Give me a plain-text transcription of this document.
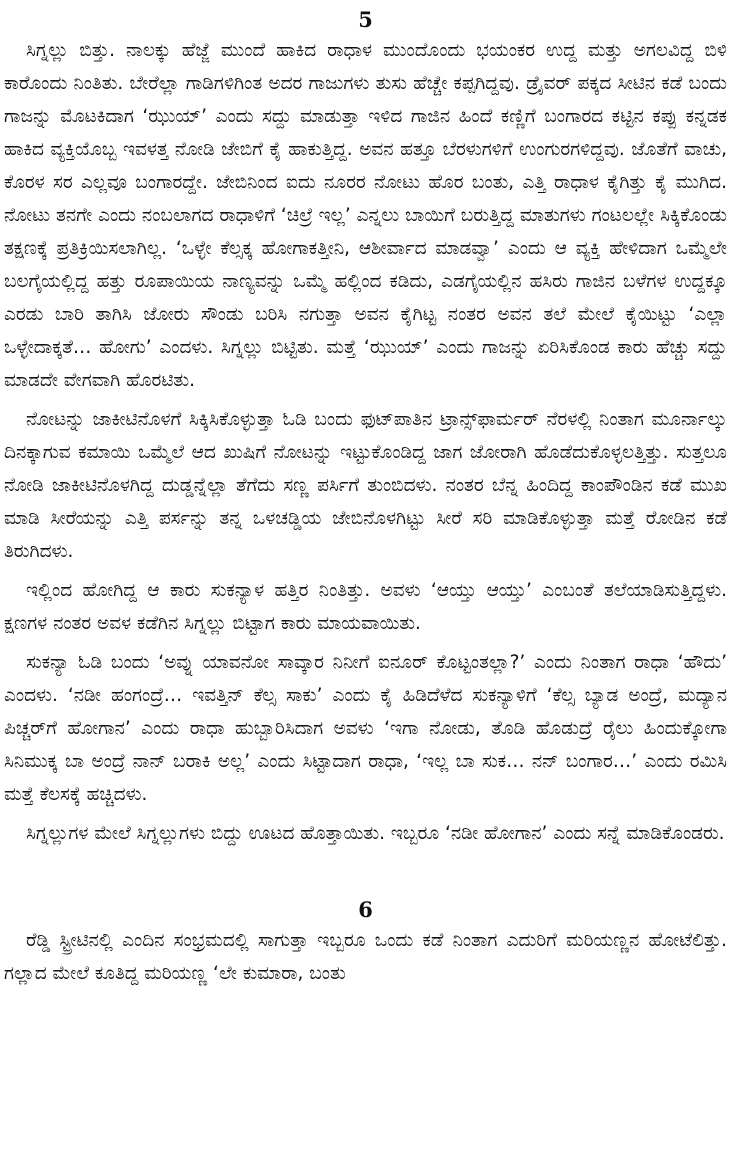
5

ಸಿಗ್ನಲ್ಲು ಬಿತ್ತು. ನಾಲಕ್ಕು ಹೆಜ್ಜೆ ಮುಂದೆ ಹಾಕಿದ ರಾಧಾಳ ಮುಂದೊಂದು ಭಯಂಕರ ಉದ್ದ ಮತ್ತು ಅಗಲವಿದ್ದ ಬಿಳಿ ಕಾರೊಂದು ನಿಂತಿತು. ಬೇರೆಲ್ಲಾ ಗಾಡಿಗಳಿಗಿಂತ ಅದರ ಗಾಜುಗಳು ತುಸು ಹೆಚ್ಚೇ ಕಪ್ಪಗಿದ್ದವು. ಡ್ರೈವರ್ ಪಕ್ಕದ ಸೀಟಿನ ಕಡೆ ಬಂದು ಗಾಜನ್ನು ಮೊಟಕಿದಾಗ ‘ಝುಯ್’ ಎಂದು ಸದ್ದು ಮಾಡುತ್ತಾ ಇಳಿದ ಗಾಜಿನ ಹಿಂದೆ ಕಣ್ಣಿಗೆ ಬಂಗಾರದ ಕಟ್ಟಿನ ಕಪ್ಪು ಕನ್ನಡಕ ಹಾಕಿದ ವ್ಯಕ್ತಿಯೊಬ್ಬ ಇವಳತ್ತ ನೋಡಿ ಜೇಬಿಗೆ ಕೈ ಹಾಕುತ್ತಿದ್ದ. ಅವನ ಹತ್ತೂ ಬೆರಳುಗಳಿಗೆ ಉಂಗುರಗಳಿದ್ದವು. ಜೊತೆಗೆ ವಾಚು, ಕೊರಳ ಸರ ಎಲ್ಲವೂ ಬಂಗಾರದ್ದೇ. ಜೇಬಿನಿಂದ ಐದು ನೂರರ ನೋಟು ಹೊರ ಬಂತು, ಎತ್ತಿ ರಾಧಾಳ ಕೈಗಿತ್ತು ಕೈ ಮುಗಿದ. ನೋಟು ತನಗೇ ಎಂದು ನಂಬಲಾಗದ ರಾಧಾಳಿಗೆ ‘ಚಿಲ್ರೆ ಇಲ್ಲ’ ಎನ್ನಲು ಬಾಯಿಗೆ ಬರುತ್ತಿದ್ದ ಮಾತುಗಳು ಗಂಟಲಲ್ಲೇ ಸಿಕ್ಕಿಕೊಂಡು ತಕ್ಷಣಕ್ಕೆ ಪ್ರತಿಕ್ರಿಯಿಸಲಾಗಿಲ್ಲ. ‘ಒಳ್ಳೇ ಕೆಲ್ಸಕ್ಕ ಹೋಗಾಕತ್ತೀನಿ, ಆಶೀರ್ವಾದ ಮಾಡವ್ವಾ’ ಎಂದು ಆ ವ್ಯಕ್ತಿ ಹೇಳಿದಾಗ ಒಮ್ಮೆಲೇ ಬಲಗೈಯಲ್ಲಿದ್ದ ಹತ್ತು ರೂಪಾಯಿಯ ನಾಣ್ಯವನ್ನು ಒಮ್ಮೆ ಹಲ್ಲಿಂದ ಕಡಿದು, ಎಡಗೈಯಲ್ಲಿನ ಹಸಿರು ಗಾಜಿನ ಬಳೆಗಳ ಉದ್ದಕ್ಕೂ ಎರಡು ಬಾರಿ ತಾಗಿಸಿ ಜೋರು ಸೌಂಡು ಬರಿಸಿ ನಗುತ್ತಾ ಅವನ ಕೈಗಿಟ್ಟ ನಂತರ ಅವನ ತಲೆ ಮೇಲೆ ಕೈಯಿಟ್ಟು ‘ಎಲ್ಲಾ ಒಳ್ಳೇದಾಕ್ಕತೆ… ಹೋಗು’ ಎಂದಳು. ಸಿಗ್ನಲ್ಲು ಬಿಟ್ಟಿತು. ಮತ್ತೆ ‘ಝುಯ್’ ಎಂದು ಗಾಜನ್ನು ಏರಿಸಿಕೊಂಡ ಕಾರು ಹೆಚ್ಚು ಸದ್ದು ಮಾಡದೇ ವೇಗವಾಗಿ ಹೊರಟಿತು.

ನೋಟನ್ನು ಜಾಕೀಟಿನೊಳಗೆ ಸಿಕ್ಕಿಸಿಕೊಳ್ಳುತ್ತಾ ಓಡಿ ಬಂದು ಫುಟ್‌ಪಾತಿನ ಟ್ರಾನ್ಸ್‌ಫಾರ್ಮರ್ ನೆರಳಲ್ಲಿ ನಿಂತಾಗ ಮೂರ್ನಾಲ್ಕು ದಿನಕ್ಕಾಗುವ ಕಮಾಯಿ ಒಮ್ಮೆಲೆ ಆದ ಖುಷಿಗೆ ನೋಟನ್ನು ಇಟ್ಟುಕೊಂಡಿದ್ದ ಜಾಗ ಜೋರಾಗಿ ಹೊಡೆದುಕೊಳ್ಳಲತ್ತಿತ್ತು. ಸುತ್ತಲೂ ನೋಡಿ ಜಾಕೀಟಿನೊಳಗಿದ್ದ ದುಡ್ಡನ್ನೆಲ್ಲಾ ತೆಗೆದು ಸಣ್ಣ ಪರ್ಸಿಗೆ ತುಂಬಿದಳು. ನಂತರ ಬೆನ್ನ ಹಿಂದಿದ್ದ ಕಾಂಪೌಂಡಿನ ಕಡೆ ಮುಖ ಮಾಡಿ ಸೀರೆಯನ್ನು ಎತ್ತಿ ಪರ್ಸನ್ನು ತನ್ನ ಒಳಚಡ್ಡಿಯ ಜೇಬಿನೊಳಗಿಟ್ಟು ಸೀರೆ ಸರಿ ಮಾಡಿಕೊಳ್ಳುತ್ತಾ ಮತ್ತೆ ರೋಡಿನ ಕಡೆ ತಿರುಗಿದಳು.

ಇಲ್ಲಿಂದ ಹೋಗಿದ್ದ ಆ ಕಾರು ಸುಕನ್ಯಾಳ ಹತ್ತಿರ ನಿಂತಿತ್ತು. ಅವಳು ‘ಆಯ್ತು ಆಯ್ತು’ ಎಂಬಂತೆ ತಲೆಯಾಡಿಸುತ್ತಿದ್ದಳು. ಕ್ಷಣಗಳ ನಂತರ ಅವಳ ಕಡೆಗಿನ ಸಿಗ್ನಲ್ಲು ಬಿಟ್ಟಾಗ ಕಾರು ಮಾಯವಾಯಿತು.

ಸುಕನ್ಯಾ ಓಡಿ ಬಂದು ‘ಅವ್ನು ಯಾವನೋ ಸಾವ್ಕಾರ ನಿನೀಗೆ ಐನೂರ್ ಕೊಟ್ಟಂತಲ್ಲಾ?’ ಎಂದು ನಿಂತಾಗ ರಾಧಾ ‘ಹೌದು’ ಎಂದಳು. ‘ನಡೀ ಹಂಗಂದ್ರೆ… ಇವತ್ತಿನ್ ಕೆಲ್ಸ ಸಾಕು’ ಎಂದು ಕೈ ಹಿಡಿದೆಳೆದ ಸುಕನ್ಯಾಳಿಗೆ ‘ಕೆಲ್ಸ ಬ್ಯಾಡ ಅಂದ್ರೆ, ಮದ್ಯಾನ ಪಿಚ್ಚರ್‌ಗೆ ಹೋಗಾನ’ ಎಂದು ರಾಧಾ ಹುಬ್ಬಾರಿಸಿದಾಗ ಅವಳು ‘ಇಗಾ ನೋಡು, ತೊಡಿ ಹೊಡುದ್ರೆ ರೈಲು ಹಿಂದುಕ್ಕೋಗಾ ಸಿನಿಮುಕ್ಕ ಬಾ ಅಂದ್ರೆ ನಾನ್ ಬರಾಕಿ ಅಲ್ಲ’ ಎಂದು ಸಿಟ್ಟಾದಾಗ ರಾಧಾ, ‘ಇಲ್ಲ ಬಾ ಸುಕ… ನನ್ ಬಂಗಾರ…’ ಎಂದು ರಮಿಸಿ ಮತ್ತೆ ಕೆಲಸಕ್ಕೆ ಹಚ್ಚಿದಳು.

ಸಿಗ್ನಲ್ಲುಗಳ ಮೇಲೆ ಸಿಗ್ನಲ್ಲುಗಳು ಬಿದ್ದು ಊಟದ ಹೊತ್ತಾಯಿತು. ಇಬ್ಬರೂ ‘ನಡೀ ಹೋಗಾನ’ ಎಂದು ಸನ್ನೆ ಮಾಡಿಕೊಂಡರು.

6

ರೆಡ್ಡಿ ಸ್ಟ್ರೀಟಿನಲ್ಲಿ ಎಂದಿನ ಸಂಭ್ರಮದಲ್ಲಿ ಸಾಗುತ್ತಾ ಇಬ್ಬರೂ ಒಂದು ಕಡೆ ನಿಂತಾಗ ಎದುರಿಗೆ ಮರಿಯಣ್ಣನ ಹೋಟೆಲಿತ್ತು. ಗಲ್ಲಾದ ಮೇಲೆ ಕೂತಿದ್ದ ಮರಿಯಣ್ಣ ‘ಲೇ ಕುಮಾರಾ, ಬಂತು
